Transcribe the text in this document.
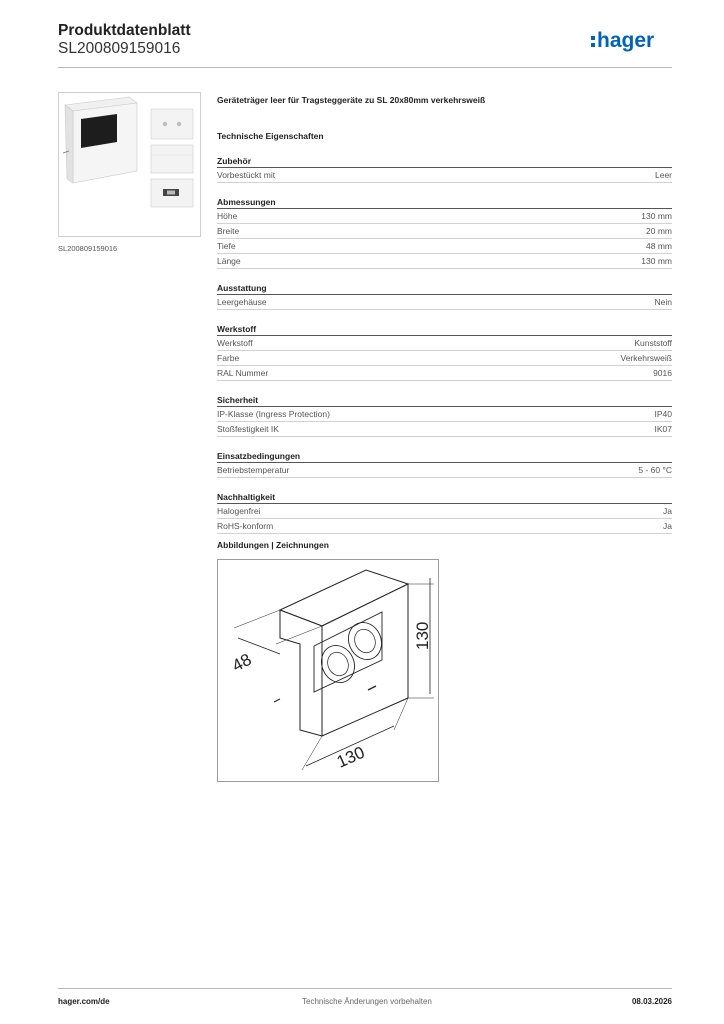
Produktdatenblatt
SL200809159016	hager
SL200809159016
Geräteträger leer für Tragsteggeräte zu SL 20x80mm verkehrsweiß
Technische Eigenschaften
Zubehör
Vorbestückt mit	Leer
Abmessungen
Höhe	130 mm
Breite	20 mm
Tiefe	48 mm
Länge	130 mm
Ausstattung
Leergehäuse	Nein
Werkstoff
Werkstoff	Kunststoff
Farbe	Verkehrsweiß
RAL Nummer	9016
Sicherheit
IP-Klasse (Ingress Protection)	IP40
Stoßfestigkeit IK	IK07
Einsatzbedingungen
Betriebstemperatur	5 - 60 °C
Nachhaltigkeit
Halogenfrei	Ja
RoHS-konform	Ja
Abbildungen | Zeichnungen
48
130
130
hager.com/de	Technische Änderungen vorbehalten	08.03.2026
